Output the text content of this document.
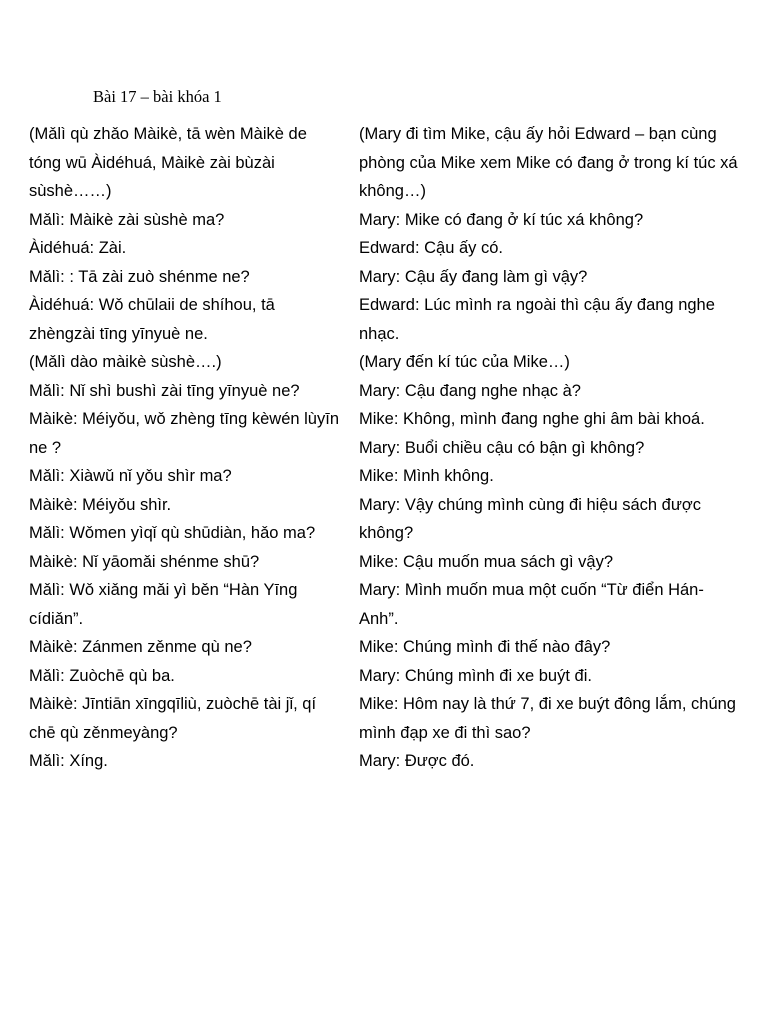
Bài 17 – bài khóa 1
(Mǎlì qù zhǎo Màikè, tā wèn Màikè de tóng wū Àidéhuá, Màikè zài bùzài sùshè……)
Mǎlì: Màikè zài sùshè ma?
Àidéhuá: Zài.
Mǎlì: : Tā zài zuò shénme ne?
Àidéhuá: Wǒ chūlaii de shíhou, tā zhèngzài tīng yīnyuè ne.
(Mǎlì dào màikè sùshè….)
Mǎlì: Nǐ shì bushì zài tīng yīnyuè ne?
Màikè: Méiyǒu, wǒ zhèng tīng kèwén lùyīn ne ?
Mǎlì: Xiàwǔ nǐ yǒu shìr ma?
Màikè: Méiyǒu shìr.
Mǎlì: Wǒmen yìqǐ qù shūdiàn, hǎo ma?
Màikè: Nǐ yāomǎi shénme shū?
Mǎlì: Wǒ xiǎng mǎi yì běn “Hàn Yīng cídiǎn”.
Màikè: Zánmen zěnme qù ne?
Mǎlì: Zuòchē qù ba.
Màikè: Jīntiān xīngqīliù, zuòchē tài jǐ, qí chē qù zěnmeyàng?
Mǎlì: Xíng.
(Mary đi tìm Mike, cậu ấy hỏi Edward – bạn cùng phòng của Mike xem Mike có đang ở trong kí túc xá không…)
Mary: Mike có đang ở kí túc xá không?
Edward: Cậu ấy có.
Mary: Cậu ấy đang làm gì vậy?
Edward: Lúc mình ra ngoài thì cậu ấy đang nghe nhạc.
(Mary đến kí túc của Mike…)
Mary: Cậu đang nghe nhạc à?
Mike: Không, mình đang nghe ghi âm bài khoá.
Mary: Buổi chiều cậu có bận gì không?
Mike: Mình không.
Mary: Vậy chúng mình cùng đi hiệu sách được không?
Mike: Cậu muốn mua sách gì vậy?
Mary: Mình muốn mua một cuốn “Từ điển Hán-Anh”.
Mike: Chúng mình đi thế nào đây?
Mary: Chúng mình đi xe buýt đi.
Mike: Hôm nay là thứ 7, đi xe buýt đông lắm, chúng mình đạp xe đi thì sao?
Mary: Được đó.
